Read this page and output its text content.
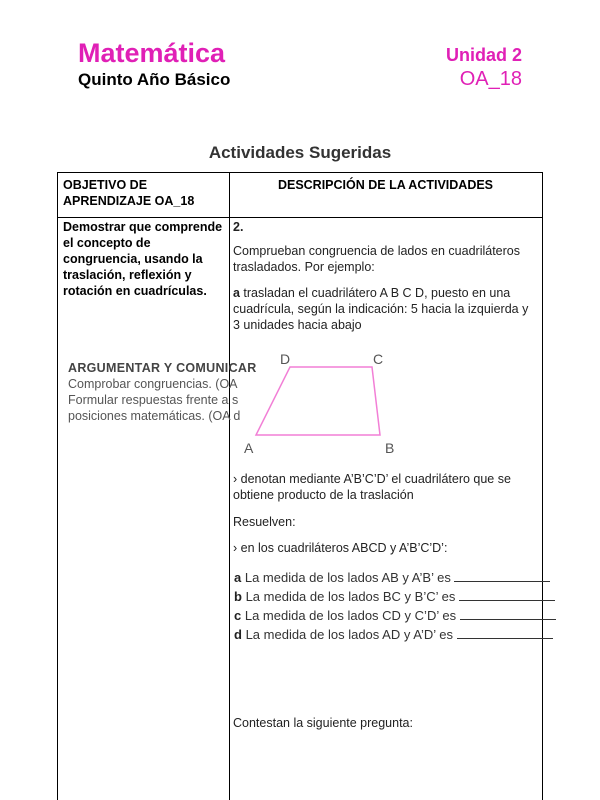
Matemática
Quinto Año Básico
Unidad 2
OA_18
Actividades Sugeridas
OBJETIVO DE APRENDIZAJE OA_18
DESCRIPCIÓN DE LA ACTIVIDADES
Demostrar que comprende el concepto de congruencia, usando la traslación, reflexión y rotación en cuadrículas.
ARGUMENTAR Y COMUNICAR
Comprobar congruencias. (OA
Formular respuestas frente a s
posiciones matemáticas. (OA d
2.
Comprueban congruencia de lados en cuadriláteros trasladados. Por ejemplo:
a trasladan el cuadrilátero A B C D, puesto en una cuadrícula, según la indicación: 5 hacia la izquierda y 3 unidades hacia abajo
A	B
C
D
› denotan mediante A’B’C’D’ el cuadrilátero que se obtiene producto de la traslación
Resuelven:
› en los cuadriláteros ABCD y A’B’C’D’:
a La medida de los lados AB y A’B’ es
b La medida de los lados BC y B’C’ es
c La medida de los lados CD y C’D’ es
d La medida de los lados AD y A’D’ es
Contestan la siguiente pregunta:
